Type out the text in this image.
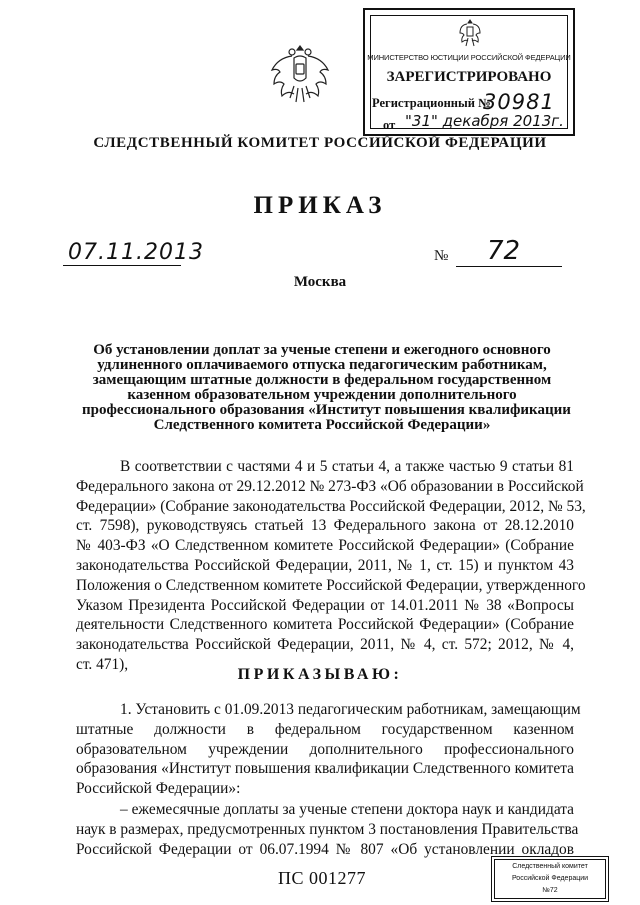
МИНИСТЕРСТВО ЮСТИЦИИ РОССИЙСКОЙ ФЕДЕРАЦИИ
ЗАРЕГИСТРИРОВАНО
Регистрационный №
30981
от "31" декабря 2013г.
СЛЕДСТВЕННЫЙ КОМИТЕТ РОССИЙСКОЙ ФЕДЕРАЦИИ
ПРИКАЗ
07.11.2013	№ 72
Москва
Об установлении доплат за ученые степени и ежегодного основного
удлиненного оплачиваемого отпуска педагогическим работникам,
замещающим штатные должности в федеральном государственном
казенном образовательном учреждении дополнительного
профессионального образования «Институт повышения квалификации
Следственного комитета Российской Федерации»
В соответствии с частями 4 и 5 статьи 4, а также частью 9 статьи 81
Федерального закона от 29.12.2012 № 273-ФЗ «Об образовании в Российской
Федерации» (Собрание законодательства Российской Федерации, 2012, № 53,
ст. 7598), руководствуясь статьей 13 Федерального закона от 28.12.2010
№ 403-ФЗ «О Следственном комитете Российской Федерации» (Собрание
законодательства Российской Федерации, 2011, № 1, ст. 15) и пунктом 43
Положения о Следственном комитете Российской Федерации, утвержденного
Указом Президента Российской Федерации от 14.01.2011 № 38 «Вопросы
деятельности Следственного комитета Российской Федерации» (Собрание
законодательства Российской Федерации, 2011, № 4, ст. 572; 2012, № 4,
ст. 471),
ПРИКАЗЫВАЮ:
1. Установить с 01.09.2013 педагогическим работникам, замещающим
штатные должности в федеральном государственном казенном
образовательном учреждении дополнительного профессионального
образования «Институт повышения квалификации Следственного комитета
Российской Федерации»:
– ежемесячные доплаты за ученые степени доктора наук и кандидата
наук в размерах, предусмотренных пунктом 3 постановления Правительства
Российской Федерации от 06.07.1994 № 807 «Об установлении окладов
ПС 001277
Следственный комитет
Российской Федерации
№72
